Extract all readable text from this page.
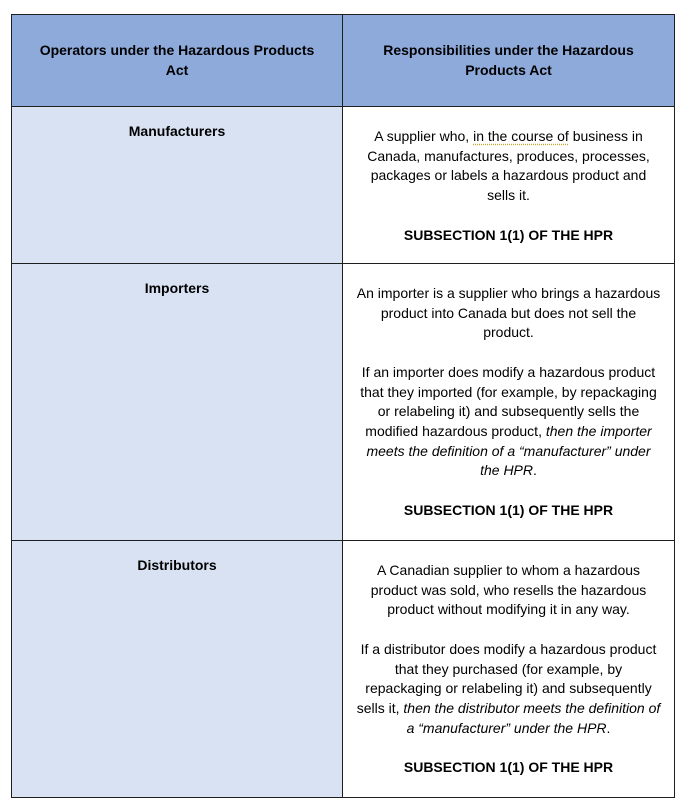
Operators under the Hazardous Products Act	Responsibilities under the Hazardous Products Act

Manufacturers	A supplier who, in the course of business in Canada, manufactures, produces, processes, packages or labels a hazardous product and sells it.

SUBSECTION 1(1) OF THE HPR

Importers	An importer is a supplier who brings a hazardous product into Canada but does not sell the product.

If an importer does modify a hazardous product that they imported (for example, by repackaging or relabeling it) and subsequently sells the modified hazardous product, then the importer meets the definition of a “manufacturer” under the HPR.

SUBSECTION 1(1) OF THE HPR

Distributors	A Canadian supplier to whom a hazardous product was sold, who resells the hazardous product without modifying it in any way.

If a distributor does modify a hazardous product that they purchased (for example, by repackaging or relabeling it) and subsequently sells it, then the distributor meets the definition of a “manufacturer” under the HPR.

SUBSECTION 1(1) OF THE HPR
